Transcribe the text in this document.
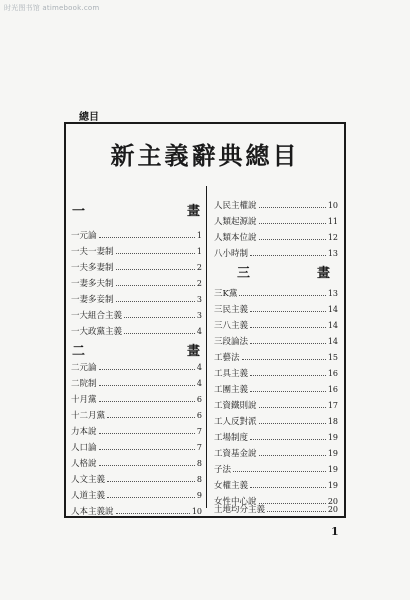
时光图书馆 atimebook.com
總目
新主義辭典總目
一	畫
一元論	1
一夫一妻制	1
一夫多妻制	2
一妻多夫制	2
一妻多妾制	3
一大組合主義	3
一大政黨主義	4
二	畫
二元論	4
二院制	4
十月黨	6
十二月黨	6
力本說	7
人口論	7
人格說	8
人文主義	8
人道主義	9
人本主義說	10
人民主權說	10
人類起源說	11
人類本位說	12
八小時制	13
三	畫
三K黨	13
三民主義	14
三八主義	14
三段論法	14
工藝法	15
工具主義	16
工團主義	16
工資鐵則說	17
工人反對派	18
工場制度	19
工資基金說	19
子法	19
女權主義	19
女性中心說	20
土地均分主義	20
1
